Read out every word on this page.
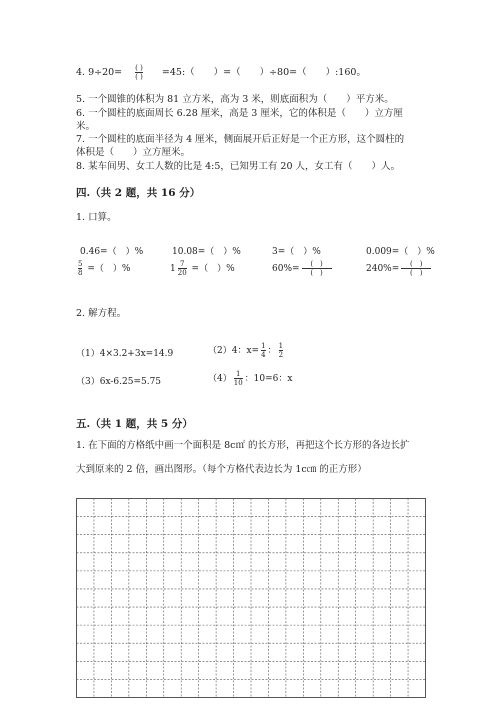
4. $9\div 20= \frac{( )}{( )}$ =45:（　　）=（　　）÷80=（　　）:160。
5. 一个圆锥的体积为 81 立方米，高为 3 米，则底面积为（　　）平方米。
6. 一个圆柱的底面周长 6.28 厘米，高是 3 厘米，它的体积是（　　）立方厘
米。
7. 一个圆柱的底面半径为 4 厘米，侧面展开后正好是一个正方形，这个圆柱的
体积是（　　）立方厘米。
8. 某车间男、女工人数的比是 4:5，已知男工有 20 人，女工有（　　）人。
四.（共 2 题，共 16 分）
1. 口算。
0.46=（　）%	10.08=（　）%	3=（　）%	0.009=（　）%
$\frac{5}{8}$ =（　）%	$1 \frac{7}{20}$ =（　）%	$60\%= \frac{( )}{( )}$	$240\%= \frac{( )}{( )}$
2. 解方程。
（1）4×3.2+3x=14.9	（2）4：$x= \frac{1}{4}$ ： $\frac{1}{2}$
（3）6x-6.25=5.75	$(4) \frac{1}{10}$ ：10=6：x
五.（共 1 题，共 5 分）
1. 在下面的方格纸中画一个面积是 8c㎡ 的长方形，再把这个长方形的各边长扩
大到原来的 2 倍，画出图形。（每个方格代表边长为 1c㎝ 的正方形）
